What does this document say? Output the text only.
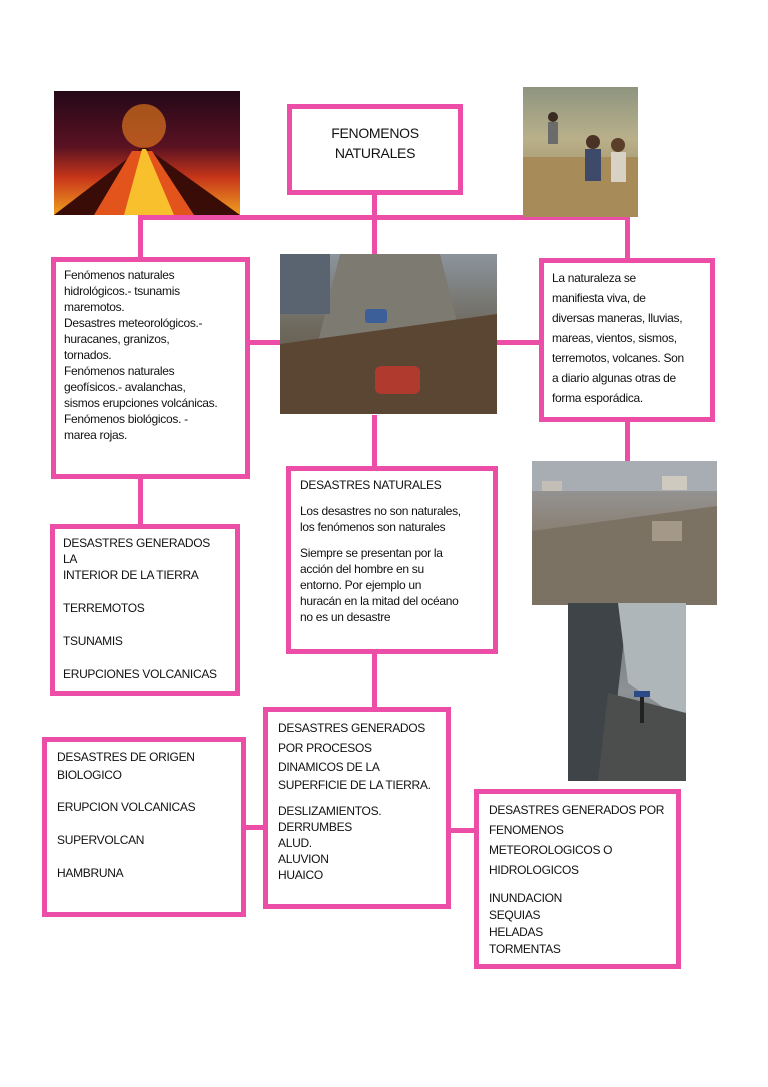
FENOMENOS
NATURALES

Fenómenos naturales
hidrológicos.- tsunamis
maremotos.
Desastres meteorológicos.-
huracanes, granizos,
tornados.
Fenómenos naturales
geofísicos.- avalanchas,
sismos erupciones volcánicas.
Fenómenos biológicos. -
marea rojas.

La naturaleza se
manifiesta viva, de
diversas maneras, lluvias,
mareas, vientos, sismos,
terremotos, volcanes. Son
a diario algunas otras de
forma esporádica.

DESASTRES NATURALES

Los desastres no son naturales,
los fenómenos son naturales

Siempre se presentan por la
acción del hombre en su
entorno. Por ejemplo un
huracán en la mitad del océano
no es un desastre

DESASTRES GENERADOS LA
INTERIOR DE LA TIERRA

TERREMOTOS

TSUNAMIS

ERUPCIONES VOLCANICAS

DESASTRES DE ORIGEN
BIOLOGICO

ERUPCION VOLCANICAS

SUPERVOLCAN

HAMBRUNA

DESASTRES GENERADOS
POR PROCESOS

DINAMICOS DE LA
SUPERFICIE DE LA TIERRA.

DESLIZAMIENTOS.
DERRUMBES
ALUD.
ALUVION
HUAICO

DESASTRES GENERADOS POR
FENOMENOS
METEOROLOGICOS O
HIDROLOGICOS

INUNDACION
SEQUIAS
HELADAS
TORMENTAS
